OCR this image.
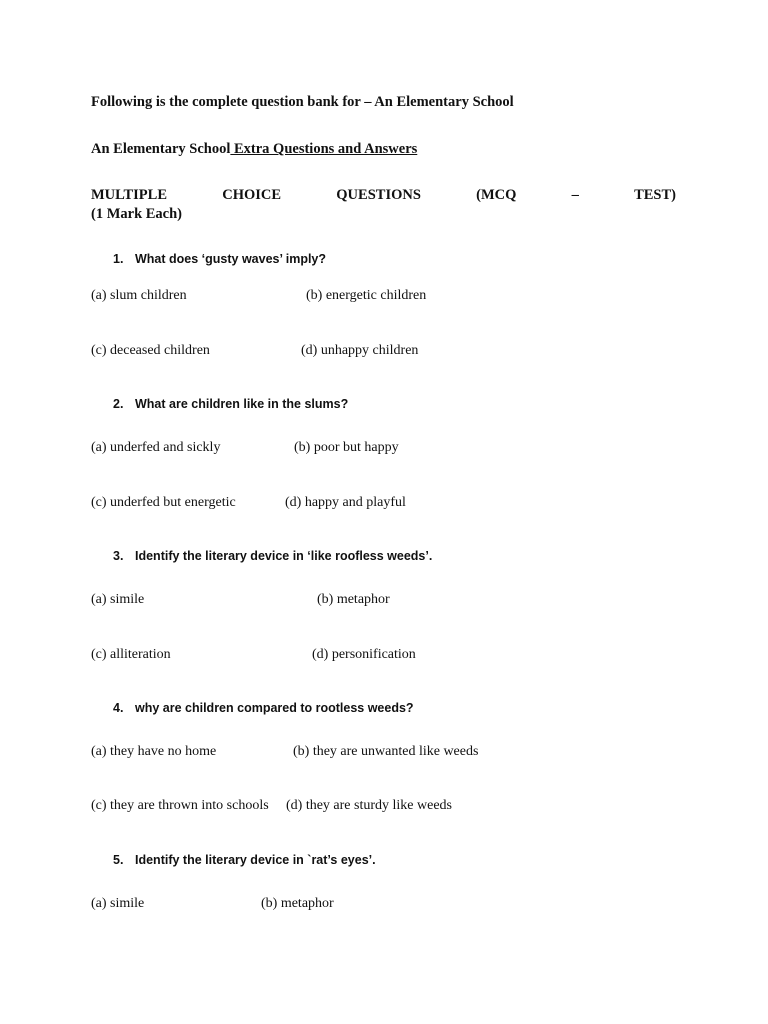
Following is the complete question bank for – An Elementary School
An Elementary School Extra Questions and Answers
MULTIPLE	CHOICE	QUESTIONS	(MCQ	–	TEST)
(1 Mark Each)
1. What does ‘gusty waves’ imply?
(a) slum children	(b) energetic children
(c) deceased children	(d) unhappy children
2. What are children like in the slums?
(a) underfed and sickly	(b) poor but happy
(c) underfed but energetic	(d) happy and playful
3. Identify the literary device in ‘like roofless weeds’.
(a) simile	(b) metaphor
(c) alliteration	(d) personification
4. why are children compared to rootless weeds?
(a) they have no home	(b) they are unwanted like weeds
(c) they are thrown into schools (d) they are sturdy like weeds
5. Identify the literary device in `rat’s eyes’.
(a) simile	(b) metaphor
